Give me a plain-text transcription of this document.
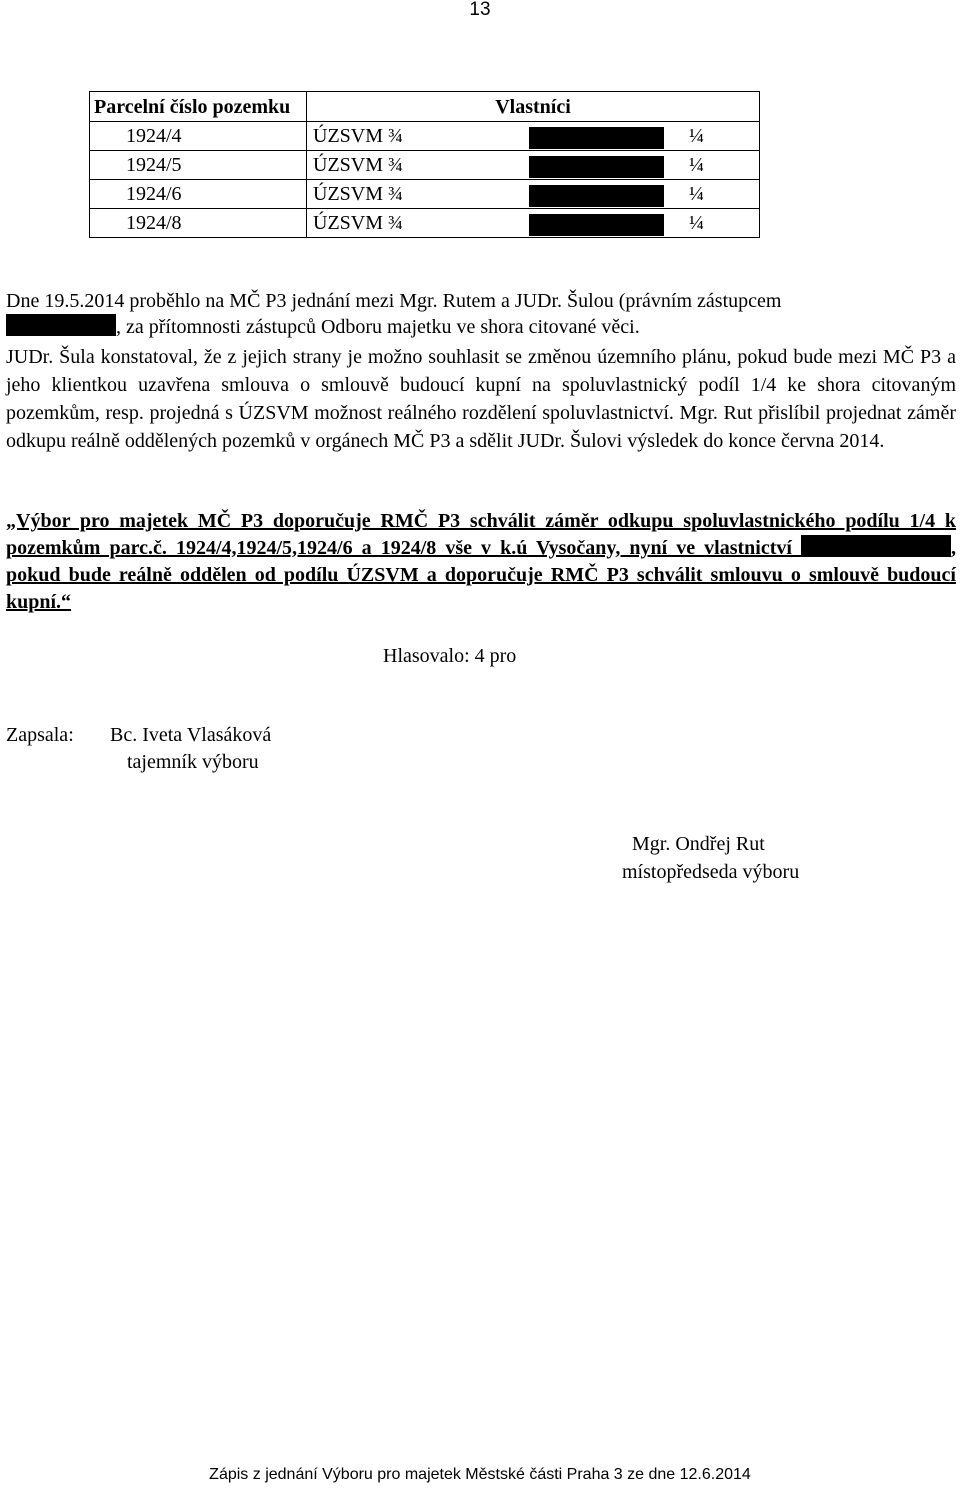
13
Parcelní číslo pozemku	Vlastníci
1924/4	ÚZSVM ¾ ¼

1924/5	ÚZSVM ¾ ¼

1924/6	ÚZSVM ¾ ¼

1924/8	ÚZSVM ¾ ¼
Dne 19.5.2014 proběhlo na MČ P3 jednání mezi Mgr. Rutem a JUDr. Šulou (právním zástupcem
, za přítomnosti zástupců Odboru majetku ve shora citované věci.
JUDr. Šula konstatoval, že z jejich strany je možno souhlasit se změnou územního plánu, pokud bude mezi MČ P3 a jeho klientkou uzavřena smlouva o smlouvě budoucí kupní na spoluvlastnický podíl 1/4 ke shora citovaným pozemkům, resp. projedná s ÚZSVM možnost reálného rozdělení spoluvlastnictví. Mgr. Rut přislíbil projednat záměr odkupu reálně oddělených pozemků v orgánech MČ P3 a sdělit JUDr. Šulovi výsledek do konce června 2014.
„Výbor pro majetek MČ P3 doporučuje RMČ P3 schválit záměr odkupu spoluvlastnického podílu 1/4 k pozemkům parc.č. 1924/4,1924/5,1924/6 a 1924/8 vše v k.ú Vysočany, nyní ve vlastnictví	, pokud bude reálně oddělen od podílu ÚZSVM a doporučuje RMČ P3 schválit smlouvu o smlouvě budoucí kupní.“
Hlasovalo: 4 pro
Zapsala: Bc. Iveta Vlasáková
tajemník výboru
Mgr. Ondřej Rut
místopředseda výboru
Zápis z jednání Výboru pro majetek Městské části Praha 3 ze dne 12.6.2014
